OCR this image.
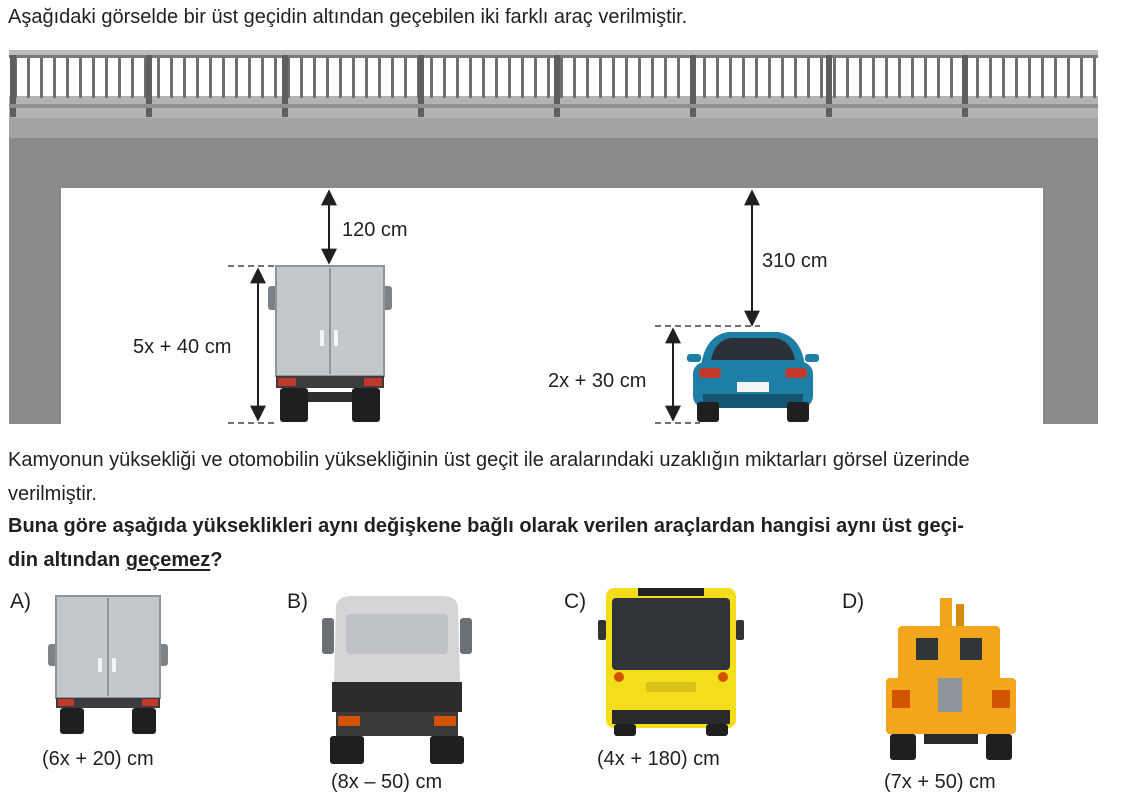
Aşağıdaki görselde bir üst geçidin altından geçebilen iki farklı araç verilmiştir.
120 cm
5x + 40 cm
310 cm
2x + 30 cm
Kamyonun yüksekliği ve otomobilin yüksekliğinin üst geçit ile aralarındaki uzaklığın miktarları görsel üzerinde
verilmiştir.
Buna göre aşağıda yükseklikleri aynı değişkene bağlı olarak verilen araçlardan hangisi aynı üst geçi-
din altından geçemez?
A)	B)	C)	D)
(6x + 20) cm
(8x – 50) cm
(4x + 180) cm
(7x + 50) cm
